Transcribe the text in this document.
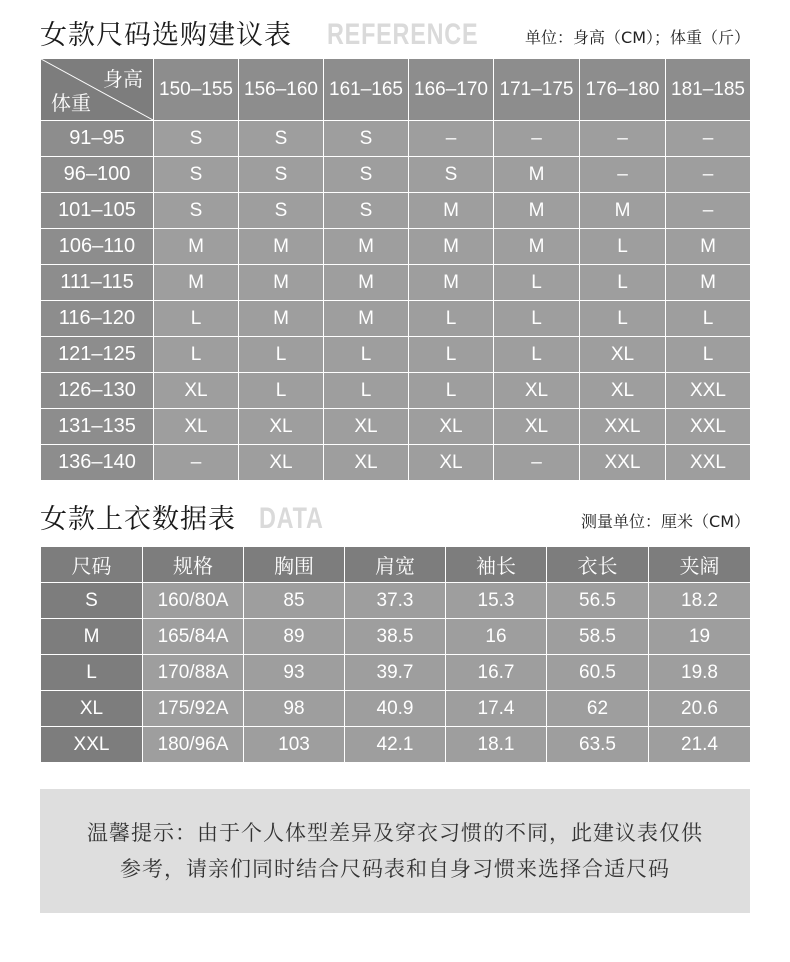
女款尺码选购建议表 REFERENCE	单位：身高（CM）；体重（斤）
身高
体重	150–155	156–160	161–165	166–170	171–175	176–180	181–185
91–95	S	S	S	–	–	–	–
96–100	S	S	S	S	M	–	–
101–105	S	S	S	M	M	M	–
106–110	M	M	M	M	M	L	M
111–115	M	M	M	M	L	L	M
116–120	L	M	M	L	L	L	L
121–125	L	L	L	L	L	XL	L
126–130	XL	L	L	L	XL	XL	XXL
131–135	XL	XL	XL	XL	XL	XXL	XXL
136–140	–	XL	XL	XL	–	XXL	XXL
女款上衣数据表 DATA	测量单位：厘米（CM）
尺码	规格	胸围	肩宽	袖长	衣长	夹阔
S	160/80A	85	37.3	15.3	56.5	18.2
M	165/84A	89	38.5	16	58.5	19
L	170/88A	93	39.7	16.7	60.5	19.8
XL	175/92A	98	40.9	17.4	62	20.6
XXL	180/96A	103	42.1	18.1	63.5	21.4

温馨提示：由于个人体型差异及穿衣习惯的不同，此建议表仅供

参考，请亲们同时结合尺码表和自身习惯来选择合适尺码
